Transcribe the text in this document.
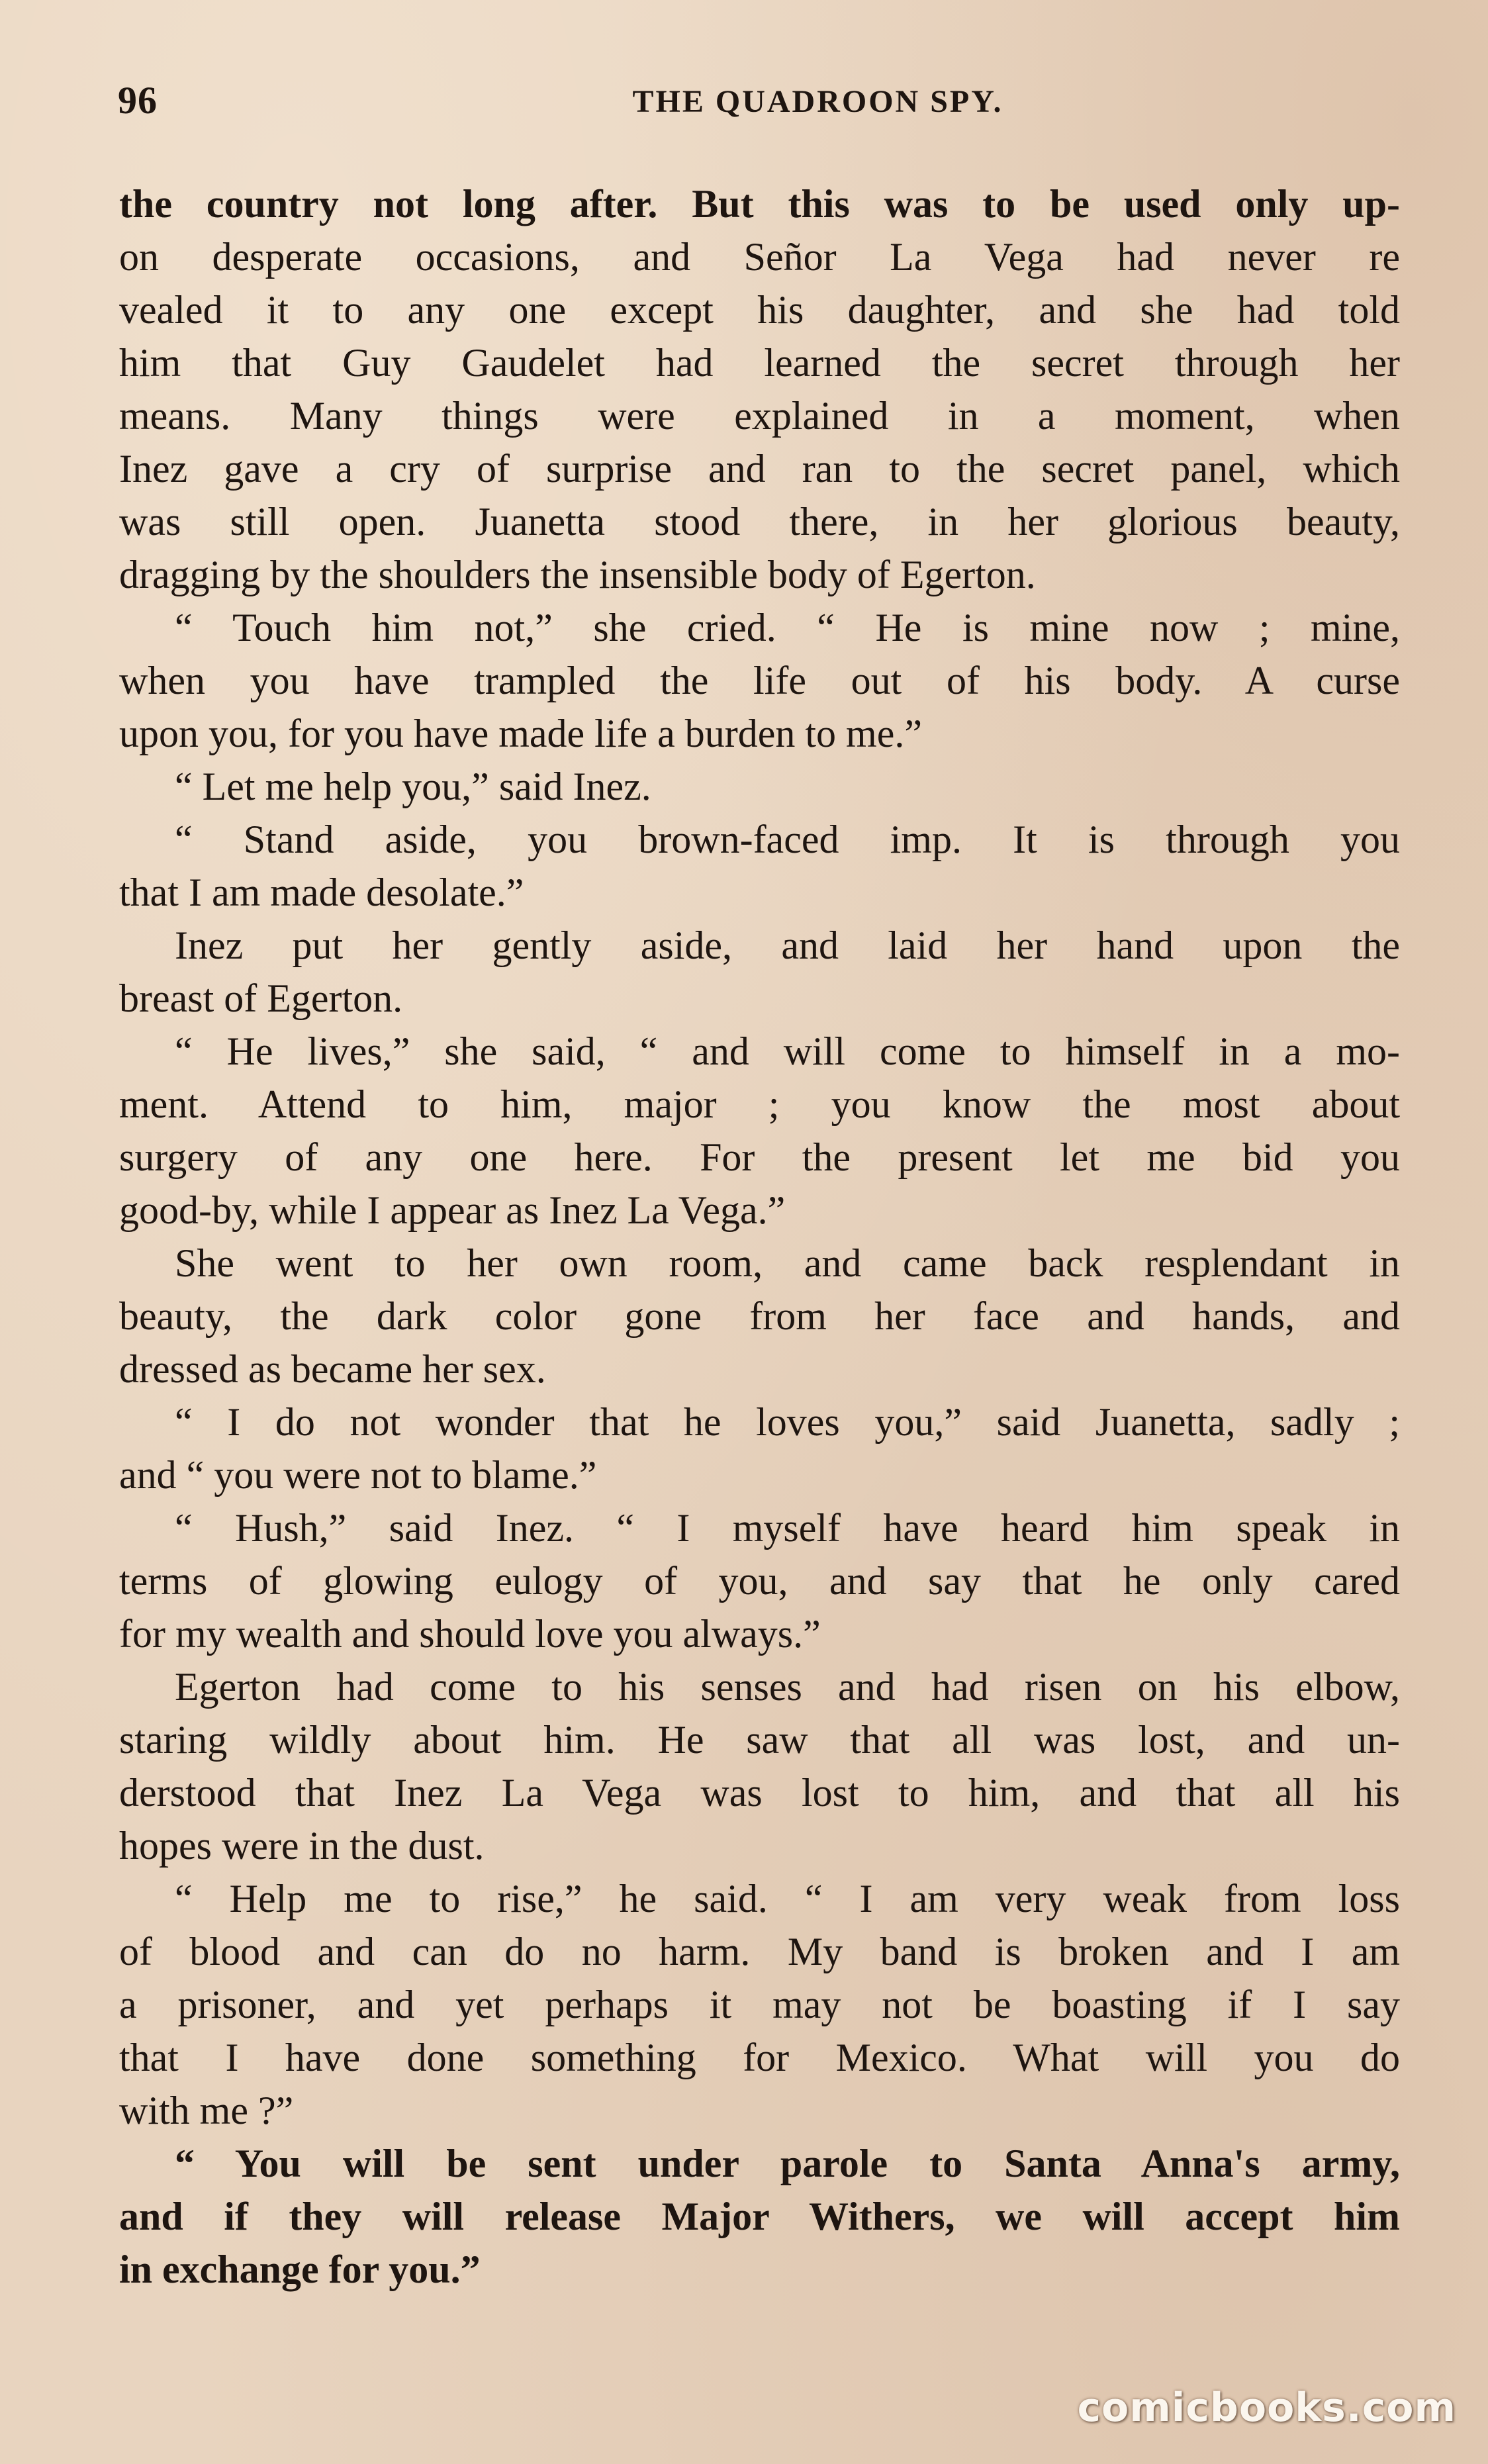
96	THE QUADROON SPY.
the country not long after. But this was to be used only up-
on desperate occasions, and Señor La Vega had never re
vealed it to any one except his daughter, and she had told
him that Guy Gaudelet had learned the secret through her
means. Many things were explained in a moment, when
Inez gave a cry of surprise and ran to the secret panel, which
was still open. Juanetta stood there, in her glorious beauty,
dragging by the shoulders the insensible body of Egerton.
“ Touch him not,” she cried. “ He is mine now ; mine,
when you have trampled the life out of his body. A curse
upon you, for you have made life a burden to me.”
“ Let me help you,” said Inez.
“ Stand aside, you brown-faced imp. It is through you
that I am made desolate.”
Inez put her gently aside, and laid her hand upon the
breast of Egerton.
“ He lives,” she said, “ and will come to himself in a mo-
ment. Attend to him, major ; you know the most about
surgery of any one here. For the present let me bid you
good-by, while I appear as Inez La Vega.”
She went to her own room, and came back resplendant in
beauty, the dark color gone from her face and hands, and
dressed as became her sex.
“ I do not wonder that he loves you,” said Juanetta, sadly ;
and “ you were not to blame.”
“ Hush,” said Inez. “ I myself have heard him speak in
terms of glowing eulogy of you, and say that he only cared
for my wealth and should love you always.”
Egerton had come to his senses and had risen on his elbow,
staring wildly about him. He saw that all was lost, and un-
derstood that Inez La Vega was lost to him, and that all his
hopes were in the dust.
“ Help me to rise,” he said. “ I am very weak from loss
of blood and can do no harm. My band is broken and I am
a prisoner, and yet perhaps it may not be boasting if I say
that I have done something for Mexico. What will you do
with me ?”
“ You will be sent under parole to Santa Anna's army,
and if they will release Major Withers, we will accept him
in exchange for you.”
comicbooks.com
